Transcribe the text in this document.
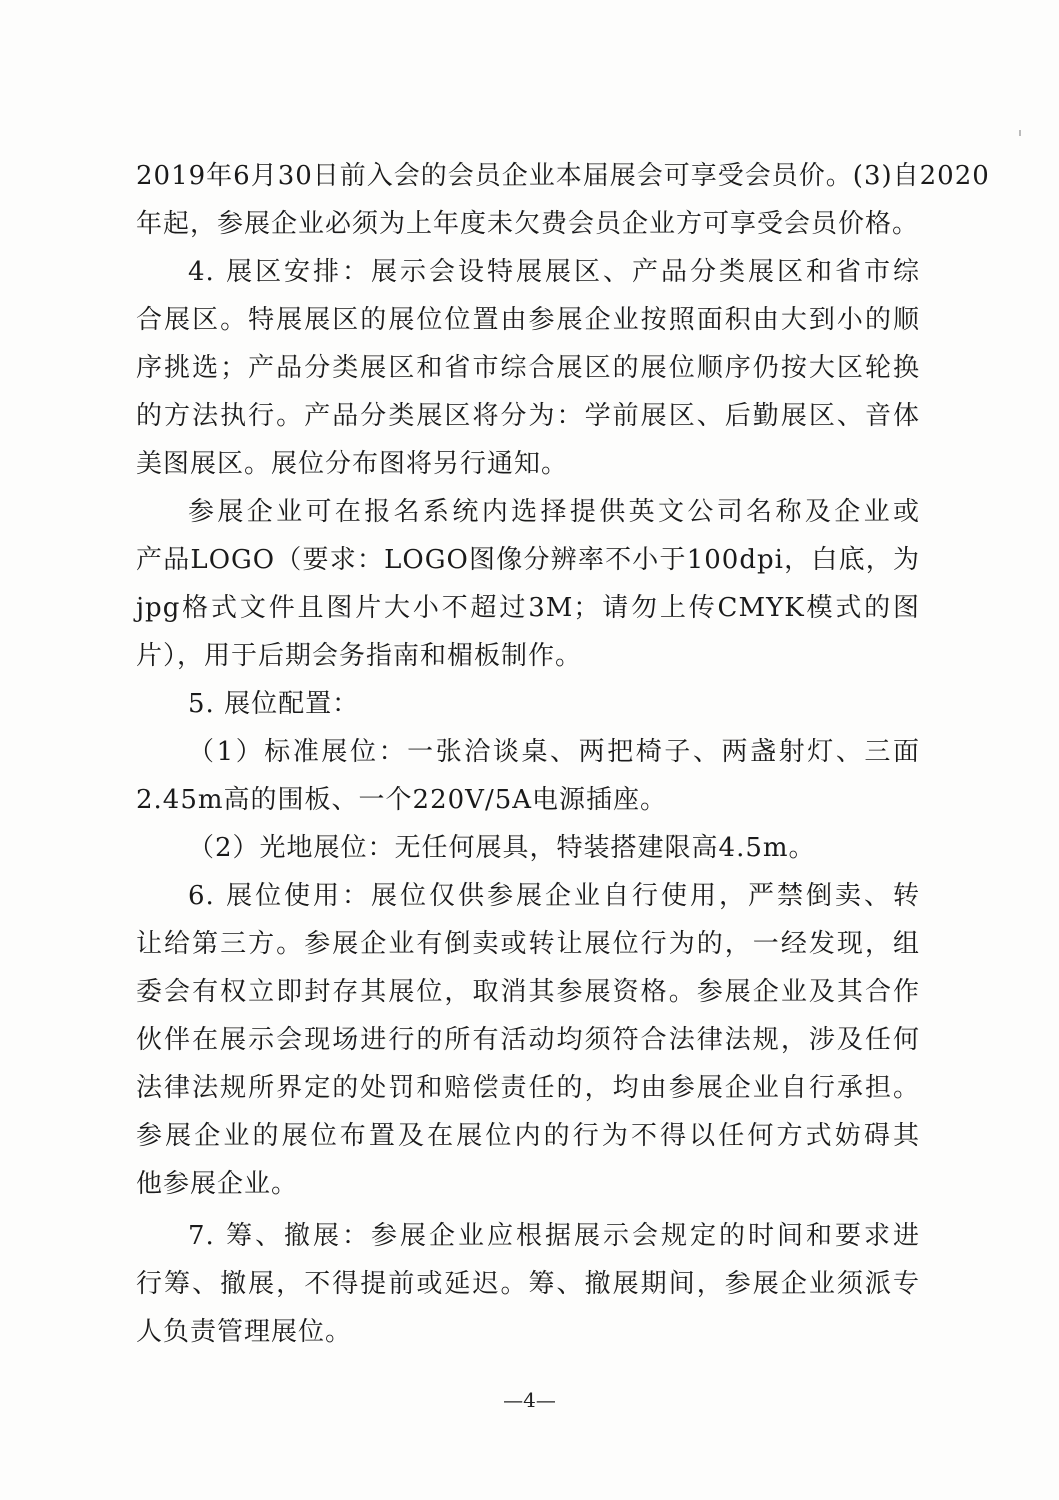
2019年6月30日前入会的会员企业本届展会可享受会员价。(3)自2020
年起，参展企业必须为上年度未欠费会员企业方可享受会员价格。
4. 展区安排：展示会设特展展区、产品分类展区和省市综
合展区。特展展区的展位位置由参展企业按照面积由大到小的顺
序挑选；产品分类展区和省市综合展区的展位顺序仍按大区轮换
的方法执行。产品分类展区将分为：学前展区、后勤展区、音体
美图展区。展位分布图将另行通知。
参展企业可在报名系统内选择提供英文公司名称及企业或
产品LOGO（要求：LOGO图像分辨率不小于100dpi，白底，为
jpg格式文件且图片大小不超过3M；请勿上传CMYK模式的图
片），用于后期会务指南和楣板制作。
5. 展位配置：
（1）标准展位：一张洽谈桌、两把椅子、两盏射灯、三面
2.45m高的围板、一个220V/5A电源插座。
（2）光地展位：无任何展具，特装搭建限高4.5m。
6. 展位使用：展位仅供参展企业自行使用，严禁倒卖、转
让给第三方。参展企业有倒卖或转让展位行为的，一经发现，组
委会有权立即封存其展位，取消其参展资格。参展企业及其合作
伙伴在展示会现场进行的所有活动均须符合法律法规，涉及任何
法律法规所界定的处罚和赔偿责任的，均由参展企业自行承担。
参展企业的展位布置及在展位内的行为不得以任何方式妨碍其
他参展企业。
7. 筹、撤展：参展企业应根据展示会规定的时间和要求进
行筹、撤展，不得提前或延迟。筹、撤展期间，参展企业须派专
人负责管理展位。
—4—
